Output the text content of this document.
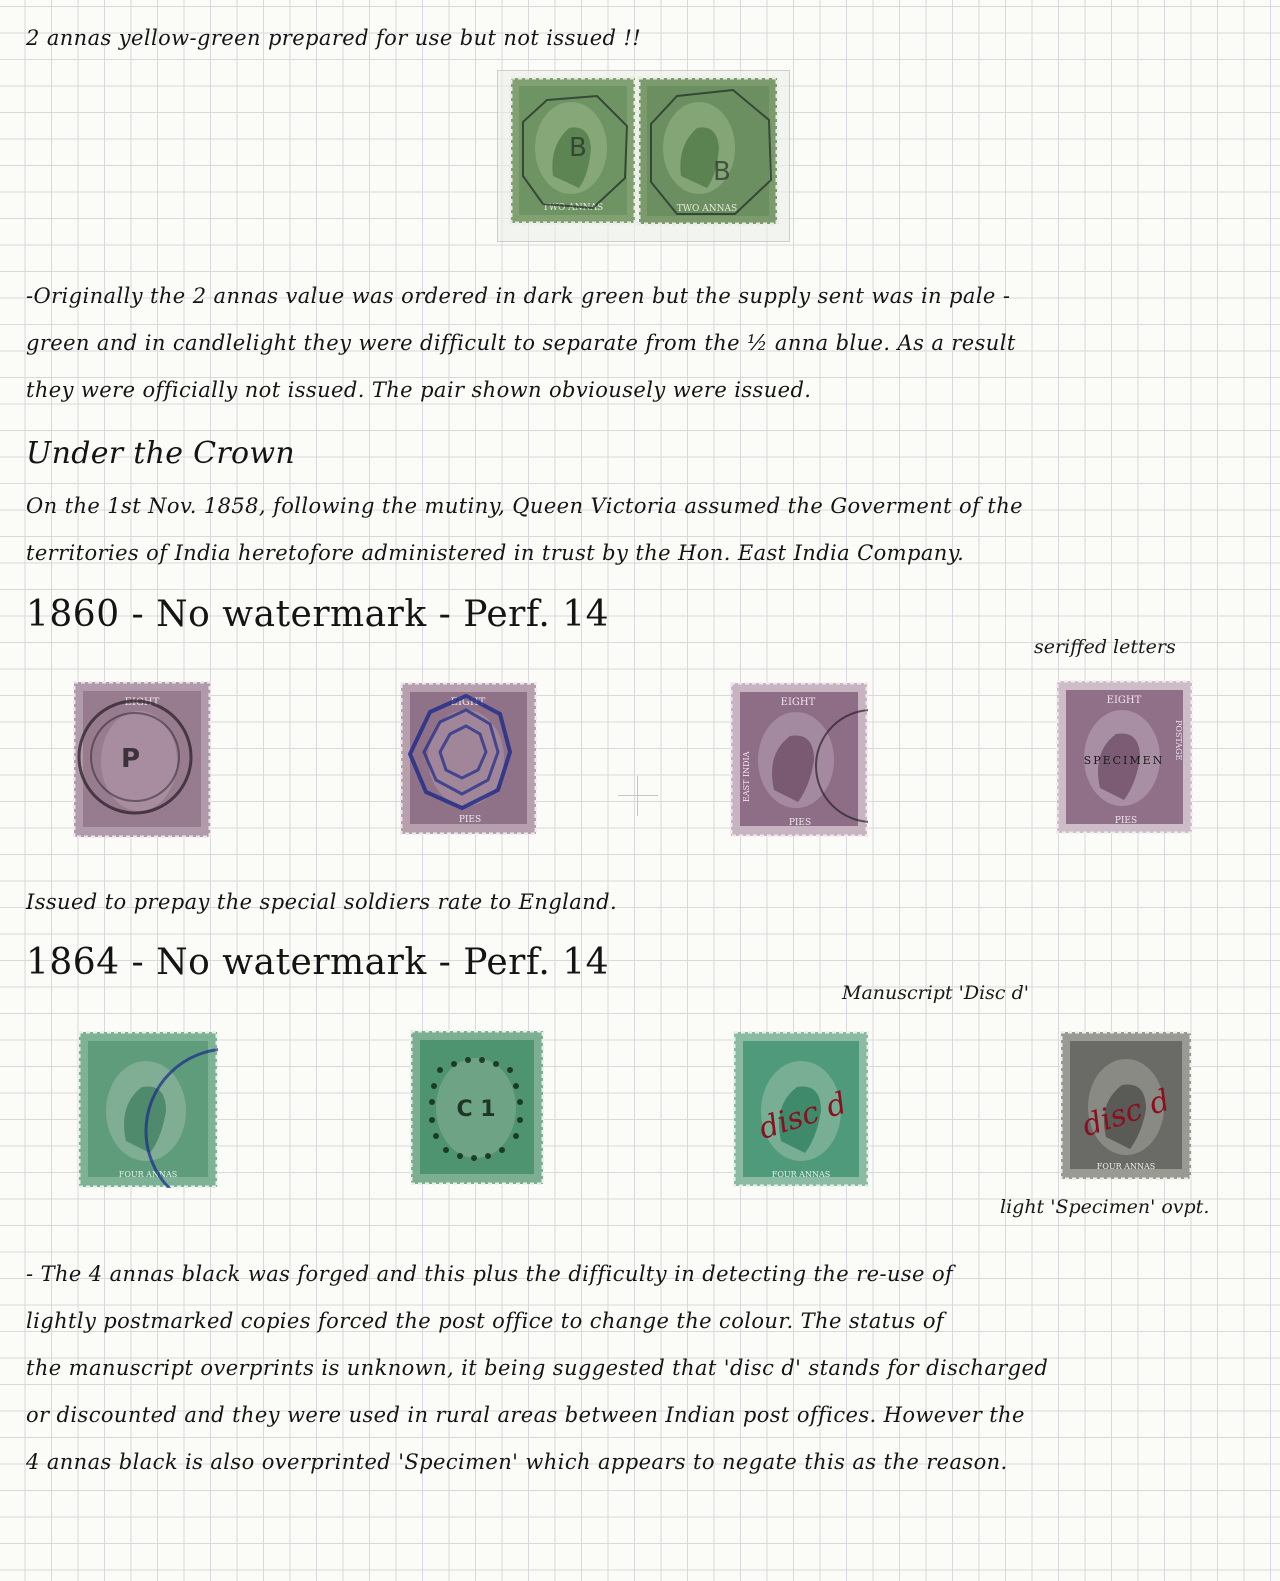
2 annas yellow-green prepared for use but not issued !!
TWO ANNAS
B
TWO ANNAS
B
-Originally the 2 annas value was ordered in dark green but the supply sent was in pale -
green and in candlelight they were difficult to separate from the ½ anna blue. As a result
they were officially not issued. The pair shown obviousely were issued.
Under the Crown
On the 1st Nov. 1858, following the mutiny, Queen Victoria assumed the Goverment of the
territories of India heretofore administered in trust by the Hon. East India Company.
1860 - No watermark - Perf. 14
seriffed letters
EIGHT
P
EIGHT
PIES
EIGHT
PIES
EAST INDIA
EIGHT
PIES
POSTAGE
SPECIMEN
Issued to prepay the special soldiers rate to England.
1864 - No watermark - Perf. 14
Manuscript 'Disc d'
FOUR ANNAS
C 1
FOUR ANNAS
disc d
FOUR ANNAS
disc d
light 'Specimen' ovpt.
- The 4 annas black was forged and this plus the difficulty in detecting the re-use of
lightly postmarked copies forced the post office to change the colour. The status of
the manuscript overprints is unknown, it being suggested that 'disc d' stands for discharged
or discounted and they were used in rural areas between Indian post offices. However the
4 annas black is also overprinted 'Specimen' which appears to negate this as the reason.
